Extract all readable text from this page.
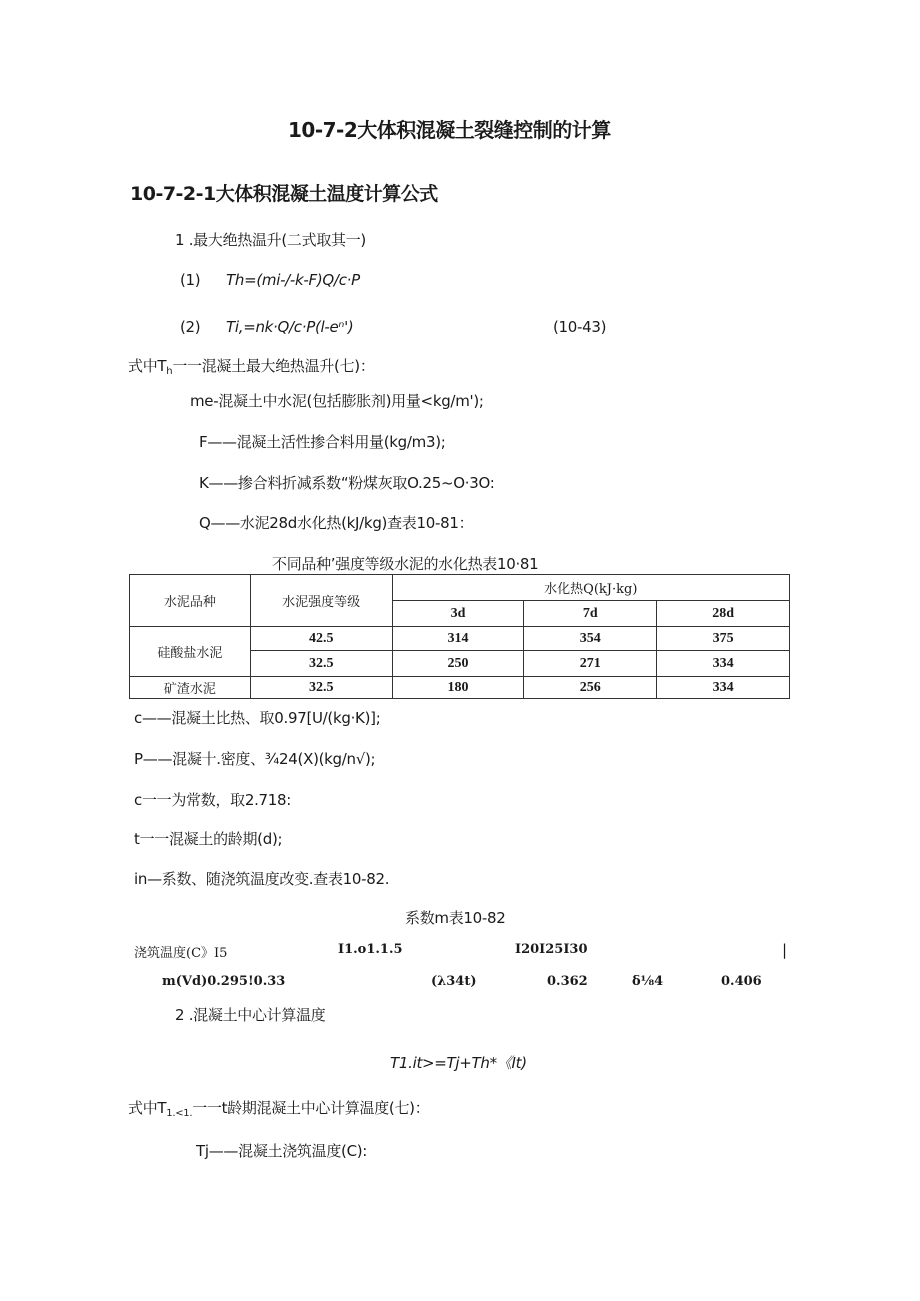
10-7-2大体积混凝土裂缝控制的计算
10-7-2-1大体积混凝土温度计算公式
1 .最大绝热温升(二式取其一)
(1) Th=(mi-/-k-F)Q/c·P
(2) Ti,=nk·Q/c·P(l-eⁿ')	(10-43)
式中$T_h$一一混凝土最大绝热温升(七)：
me-混凝土中水泥(包括膨胀剂)用量<kg/m');
F——混凝土活性掺合料用量(kg/m3);
K——掺合料折减系数“粉煤灰取O.25~O·3O:
Q——水泥28d水化热(kJ/kg)查表10-81：
不同品种’强度等级水泥的水化热表10·81
水泥品种	水泥强度等级	水化热Q(kJ·kg)		
		3d	7d	28d
硅酸盐水泥	42.5	314	354	375
	32.5	250	271	334
矿渣水泥	32.5	180	256	334
c——混凝土比热、取0.97[U/(kg·K)];
P——混凝十.密度、¾24(X)(kg/n√);
c一一为常数，取2.718:
t一一混凝土的龄期(d);
in—系数、随浇筑温度改变.查表10-82.
系数m表10-82
浇筑温度(C》I5	I1.o1.1.5	I20I25I30	|
m(Vd)0.295!0.33	(λ34t)	0.362	δ⅛4	0.406
2 .混凝土中心计算温度
T1.it>=Tj+Th*《It)
式中$T_{1.<1.}$一一t龄期混凝土中心计算温度(七)：
Tj——混凝土浇筑温度(C):
